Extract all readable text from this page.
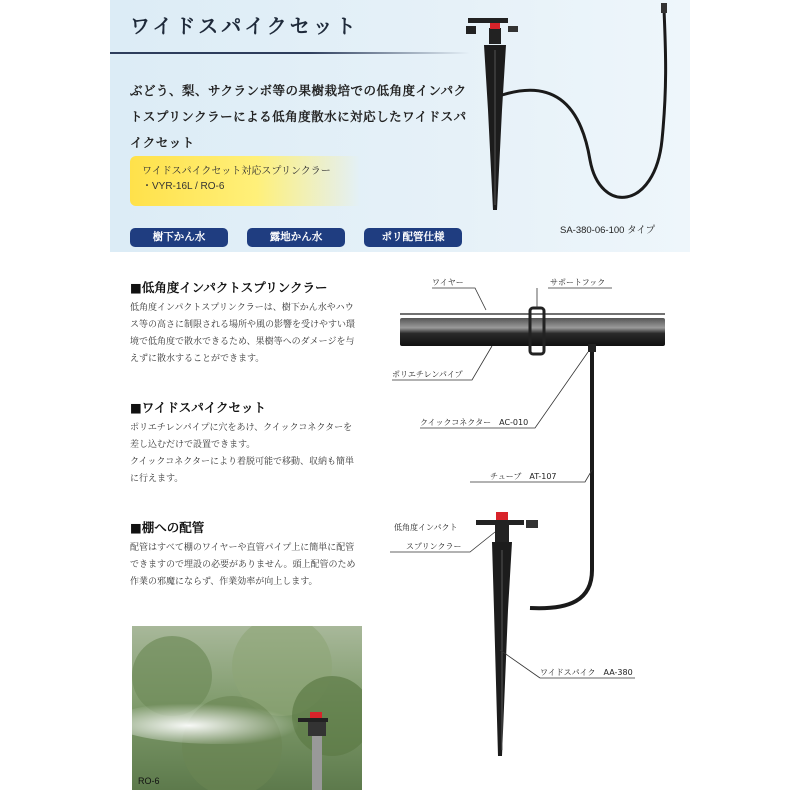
ワイドスパイクセット
ぶどう、梨、サクランボ等の果樹栽培での低角度インパクトスプリンクラーによる低角度散水に対応したワイドスパイクセット
ワイドスパイクセット対応スプリンクラー
・VYR-16L / RO-6
樹下かん水	露地かん水	ポリ配管仕様
SA-380-06-100 タイプ
■低角度インパクトスプリンクラー
低角度インパクトスプリンクラーは、樹下かん水やハウス等の高さに制限される場所や風の影響を受けやすい環境で低角度で散水できるため、果樹等へのダメージを与えずに散水することができます。
■ワイドスパイクセット
ポリエチレンパイプに穴をあけ、クイックコネクターを差し込むだけで設置できます。
クイックコネクターにより着脱可能で移動、収納も簡単に行えます。
■棚への配管
配管はすべて棚のワイヤーや直管パイプ上に簡単に配管できますので埋設の必要がありません。頭上配管のため作業の邪魔にならず、作業効率が向上します。
RO-6
ワイヤー	サポートフック
ポリエチレンパイプ
クイックコネクター　AC-010
チューブ　AT-107
低角度インパクト
スプリンクラー
ワイドスパイク　AA-380
